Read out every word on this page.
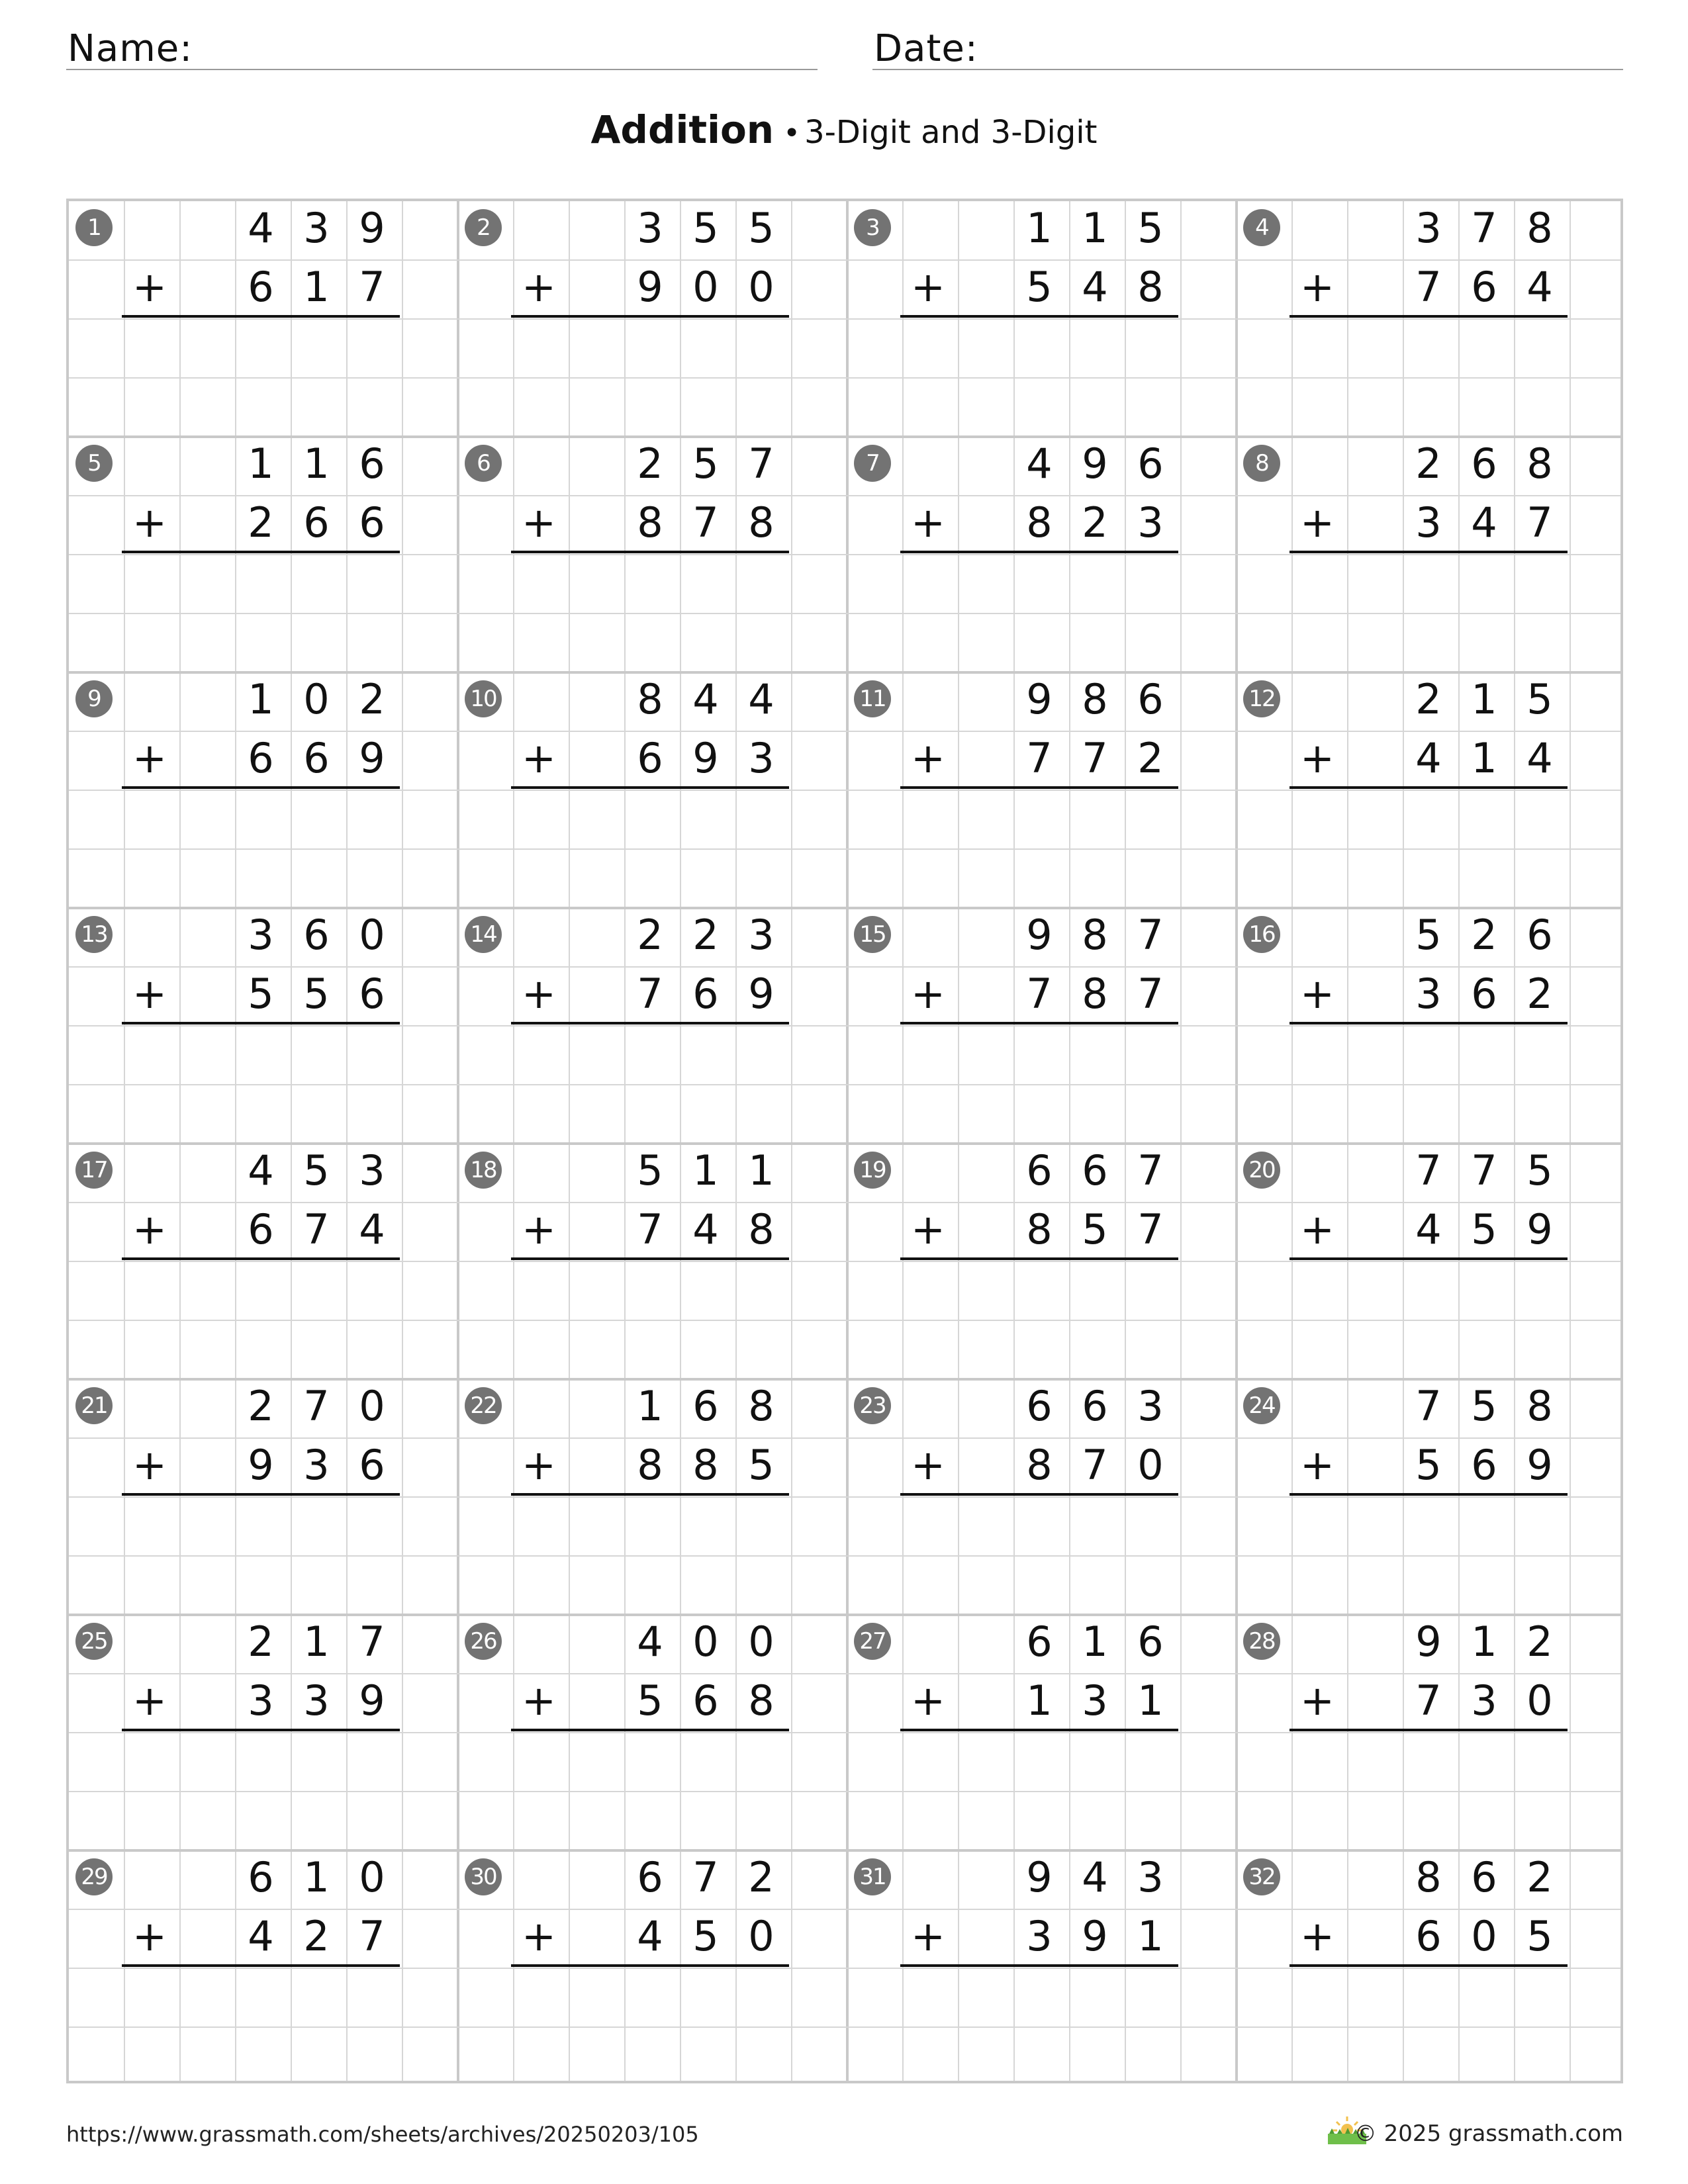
Name:	Date:
Addition • 3-Digit and 3-Digit
1	4 3 9
6 1 7
+
2	3 5 5
9 0 0
+
3	1 1 5
5 4 8
+
4	3 7 8
7 6 4
+
5	1 1 6
2 6 6
+
6	2 5 7
8 7 8
+
7	4 9 6
8 2 3
+
8	2 6 8
3 4 7
+
9	1 0 2
6 6 9
+
10	8 4 4
6 9 3
+
11	9 8 6
7 7 2
+
12	2 1 5
4 1 4
+
13	3 6 0
5 5 6
+
14	2 2 3
7 6 9
+
15	9 8 7
7 8 7
+
16	5 2 6
3 6 2
+
17	4 5 3
6 7 4
+
18	5 1 1
7 4 8
+
19	6 6 7
8 5 7
+
20	7 7 5
4 5 9
+
21	2 7 0
9 3 6
+
22	1 6 8
8 8 5
+
23	6 6 3
8 7 0
+
24	7 5 8
5 6 9
+
25	2 1 7
3 3 9
+
26	4 0 0
5 6 8
+
27	6 1 6
1 3 1
+
28	9 1 2
7 3 0
+
29	6 1 0
4 2 7
+
30	6 7 2
4 5 0
+
31	9 4 3
3 9 1
+
32	8 6 2
6 0 5
+
https://www.grassmath.com/sheets/archives/20250203/105	© 2025 grassmath.com
